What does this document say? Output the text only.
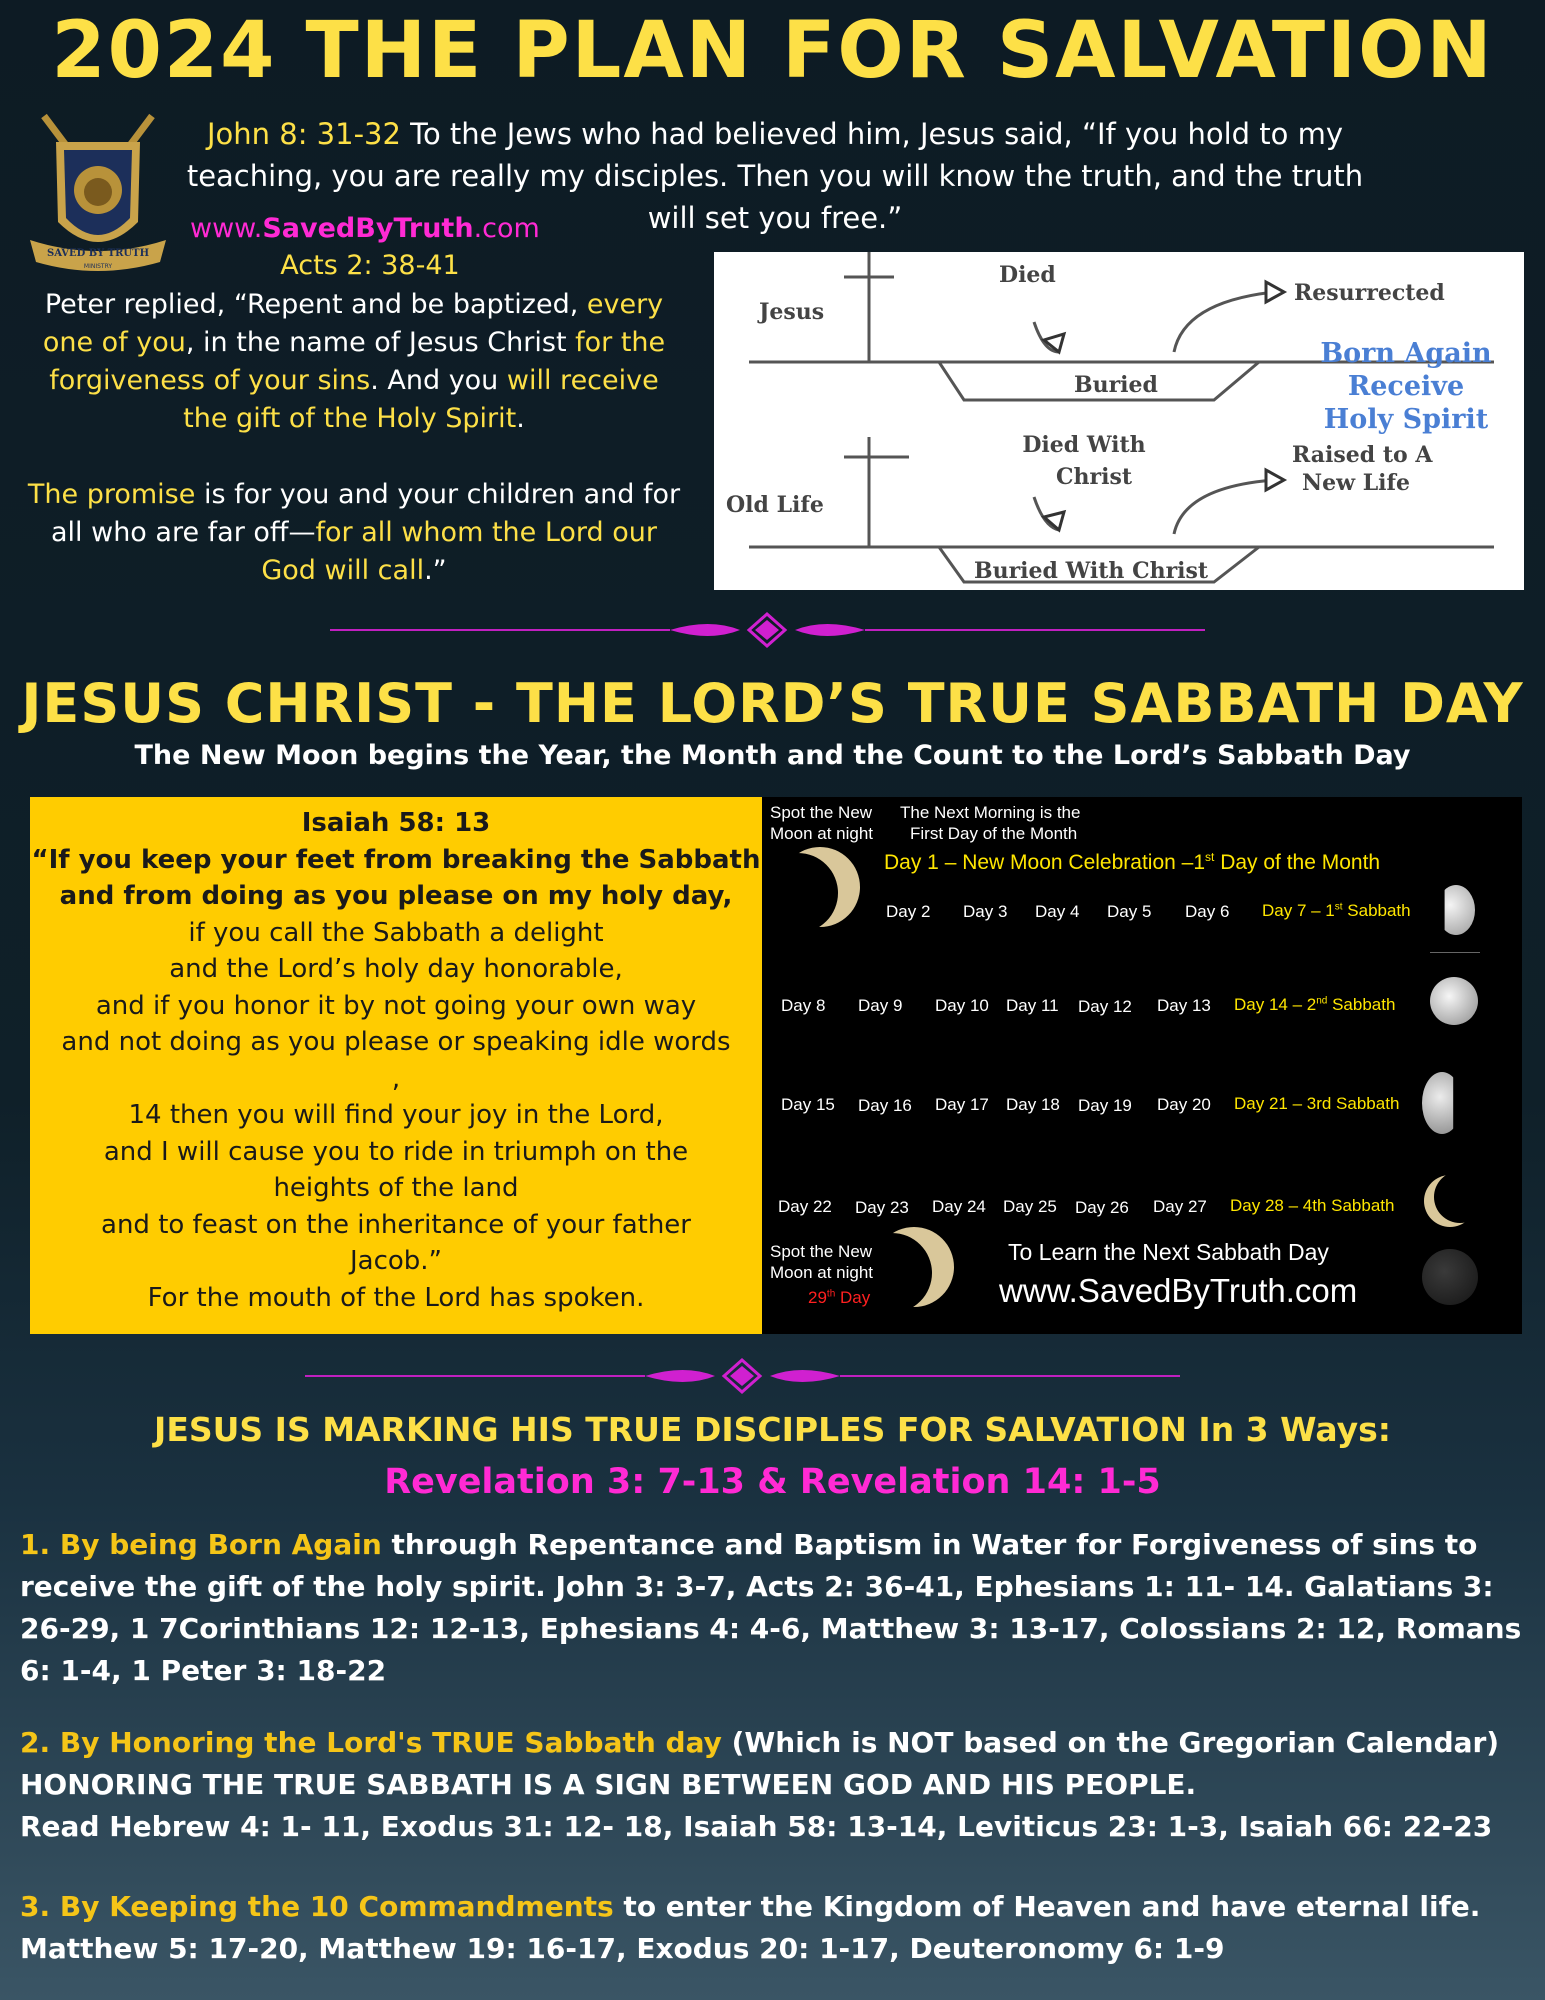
2024 THE PLAN FOR SALVATION
SAVED BY TRUTH
MINISTRY
John 8: 31-32 To the Jews who had believed him, Jesus said, “If you hold to my teaching, you are really my disciples. Then you will know the truth, and the truth will set you free.”
www.SavedByTruth.com
Acts 2: 38-41
Peter replied, “Repent and be baptized, every one of you, in the name of Jesus Christ for the forgiveness of your sins. And you will receive the gift of the Holy Spirit.
The promise is for you and your children and for all who are far off—for all whom the Lord our God will call.”
Jesus
Died
Resurrected
Buried
Born Again
Receive
Holy Spirit
Old Life
Died With
Christ
Raised to A
New Life
Buried With Christ
JESUS CHRIST - THE LORD’S TRUE SABBATH DAY
The New Moon begins the Year, the Month and the Count to the Lord’s Sabbath Day
Isaiah 58: 13
“If you keep your feet from breaking the Sabbath
and from doing as you please on my holy day,
if you call the Sabbath a delight
and the Lord’s holy day honorable,
and if you honor it by not going your own way
and not doing as you please or speaking idle words
,
14 then you will find your joy in the Lord,
and I will cause you to ride in triumph on the
heights of the land
and to feast on the inheritance of your father
Jacob.”
For the mouth of the Lord has spoken.
Spot the New
Moon at night
The Next Morning is the
First Day of the Month
Day 1 – New Moon Celebration –1st Day of the Month
Day 2 Day 3 Day 4 Day 5 Day 6 Day 7 – 1st Sabbath
Day 8 Day 9 Day 10 Day 11 Day 12 Day 13 Day 14 – 2nd Sabbath
Day 15 Day 16 Day 17 Day 18 Day 19 Day 20 Day 21 – 3rd Sabbath
Day 22 Day 23 Day 24 Day 25 Day 26 Day 27 Day 28 – 4th Sabbath
Spot the New
Moon at night
29th Day
To Learn the Next Sabbath Day
www.SavedByTruth.com
JESUS IS MARKING HIS TRUE DISCIPLES FOR SALVATION In 3 Ways:
Revelation 3: 7-13 & Revelation 14: 1-5
1. By being Born Again through Repentance and Baptism in Water for Forgiveness of sins to receive the gift of the holy spirit. John 3: 3-7, Acts 2: 36-41, Ephesians 1: 11- 14. Galatians 3: 26-29, 1 7Corinthians 12: 12-13, Ephesians 4: 4-6, Matthew 3: 13-17, Colossians 2: 12, Romans 6: 1-4, 1 Peter 3: 18-22
2. By Honoring the Lord's TRUE Sabbath day (Which is NOT based on the Gregorian Calendar)
HONORING THE TRUE SABBATH IS A SIGN BETWEEN GOD AND HIS PEOPLE.
Read Hebrew 4: 1- 11, Exodus 31: 12- 18, Isaiah 58: 13-14, Leviticus 23: 1-3, Isaiah 66: 22-23
3. By Keeping the 10 Commandments to enter the Kingdom of Heaven and have eternal life.
Matthew 5: 17-20, Matthew 19: 16-17, Exodus 20: 1-17, Deuteronomy 6: 1-9
